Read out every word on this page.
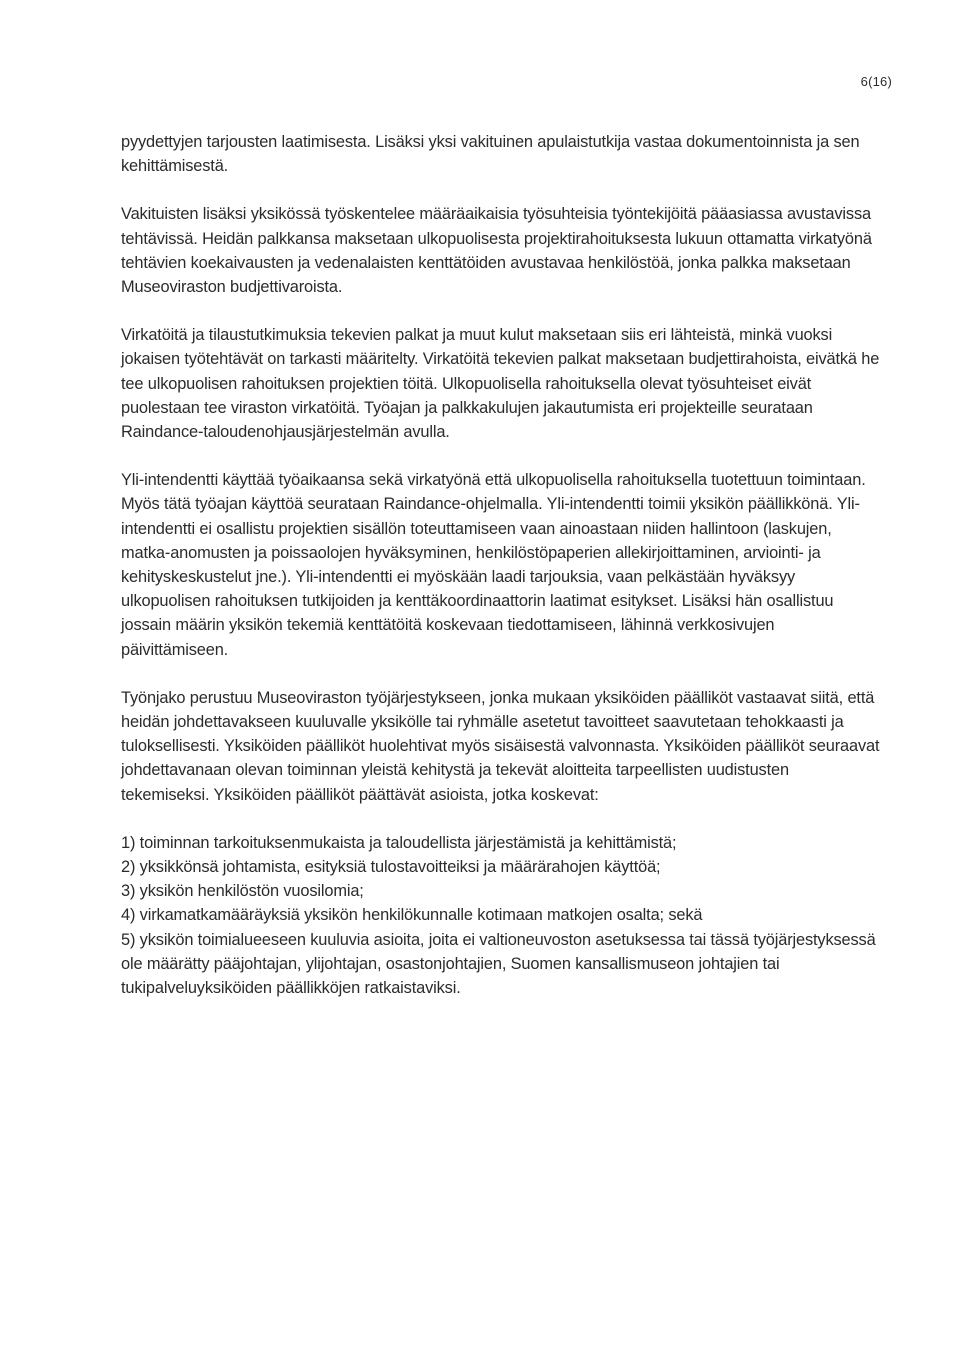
6(16)

pyydettyjen tarjousten laatimisesta. Lisäksi yksi vakituinen apulaistutkija vastaa dokumentoinnista ja sen kehittämisestä.

Vakituisten lisäksi yksikössä työskentelee määräaikaisia työsuhteisia työntekijöitä pääasiassa avustavissa tehtävissä. Heidän palkkansa maksetaan ulkopuolisesta projektirahoituksesta lukuun ottamatta virkatyönä tehtävien koekaivausten ja vedenalaisten kenttätöiden avustavaa henkilöstöä, jonka palkka maksetaan Museoviraston budjettivaroista.

Virkatöitä ja tilaustutkimuksia tekevien palkat ja muut kulut maksetaan siis eri lähteistä, minkä vuoksi jokaisen työtehtävät on tarkasti määritelty. Virkatöitä tekevien palkat maksetaan budjettirahoista, eivätkä he tee ulkopuolisen rahoituksen projektien töitä. Ulkopuolisella rahoituksella olevat työsuhteiset eivät puolestaan tee viraston virkatöitä. Työajan ja palkkakulujen jakautumista eri projekteille seurataan Raindance-taloudenohjausjärjestelmän avulla.

Yli-intendentti käyttää työaikaansa sekä virkatyönä että ulkopuolisella rahoituksella tuotettuun toimintaan. Myös tätä työajan käyttöä seurataan Raindance-ohjelmalla. Yli-intendentti toimii yksikön päällikkönä. Yli-intendentti ei osallistu projektien sisällön toteuttamiseen vaan ainoastaan niiden hallintoon (laskujen, matka-anomusten ja poissaolojen hyväksyminen, henkilöstöpaperien allekirjoittaminen, arviointi- ja kehityskeskustelut jne.). Yli-intendentti ei myöskään laadi tarjouksia, vaan pelkästään hyväksyy ulkopuolisen rahoituksen tutkijoiden ja kenttäkoordinaattorin laatimat esitykset. Lisäksi hän osallistuu jossain määrin yksikön tekemiä kenttätöitä koskevaan tiedottamiseen, lähinnä verkkosivujen päivittämiseen.

Työnjako perustuu Museoviraston työjärjestykseen, jonka mukaan yksiköiden päälliköt vastaavat siitä, että heidän johdettavakseen kuuluvalle yksikölle tai ryhmälle asetetut tavoitteet saavutetaan tehokkaasti ja tuloksellisesti. Yksiköiden päälliköt huolehtivat myös sisäisestä valvonnasta. Yksiköiden päälliköt seuraavat johdettavanaan olevan toiminnan yleistä kehitystä ja tekevät aloitteita tarpeellisten uudistusten tekemiseksi. Yksiköiden päälliköt päättävät asioista, jotka koskevat:

1) toiminnan tarkoituksenmukaista ja taloudellista järjestämistä ja kehittämistä;
2) yksikkönsä johtamista, esityksiä tulostavoitteiksi ja määrärahojen käyttöä;
3) yksikön henkilöstön vuosilomia;
4) virkamatkamääräyksiä yksikön henkilökunnalle kotimaan matkojen osalta; sekä
5) yksikön toimialueeseen kuuluvia asioita, joita ei valtioneuvoston asetuksessa tai tässä työjärjestyksessä ole määrätty pääjohtajan, ylijohtajan, osastonjohtajien, Suomen kansallismuseon johtajien tai tukipalveluyksiköiden päällikköjen ratkaistaviksi.
